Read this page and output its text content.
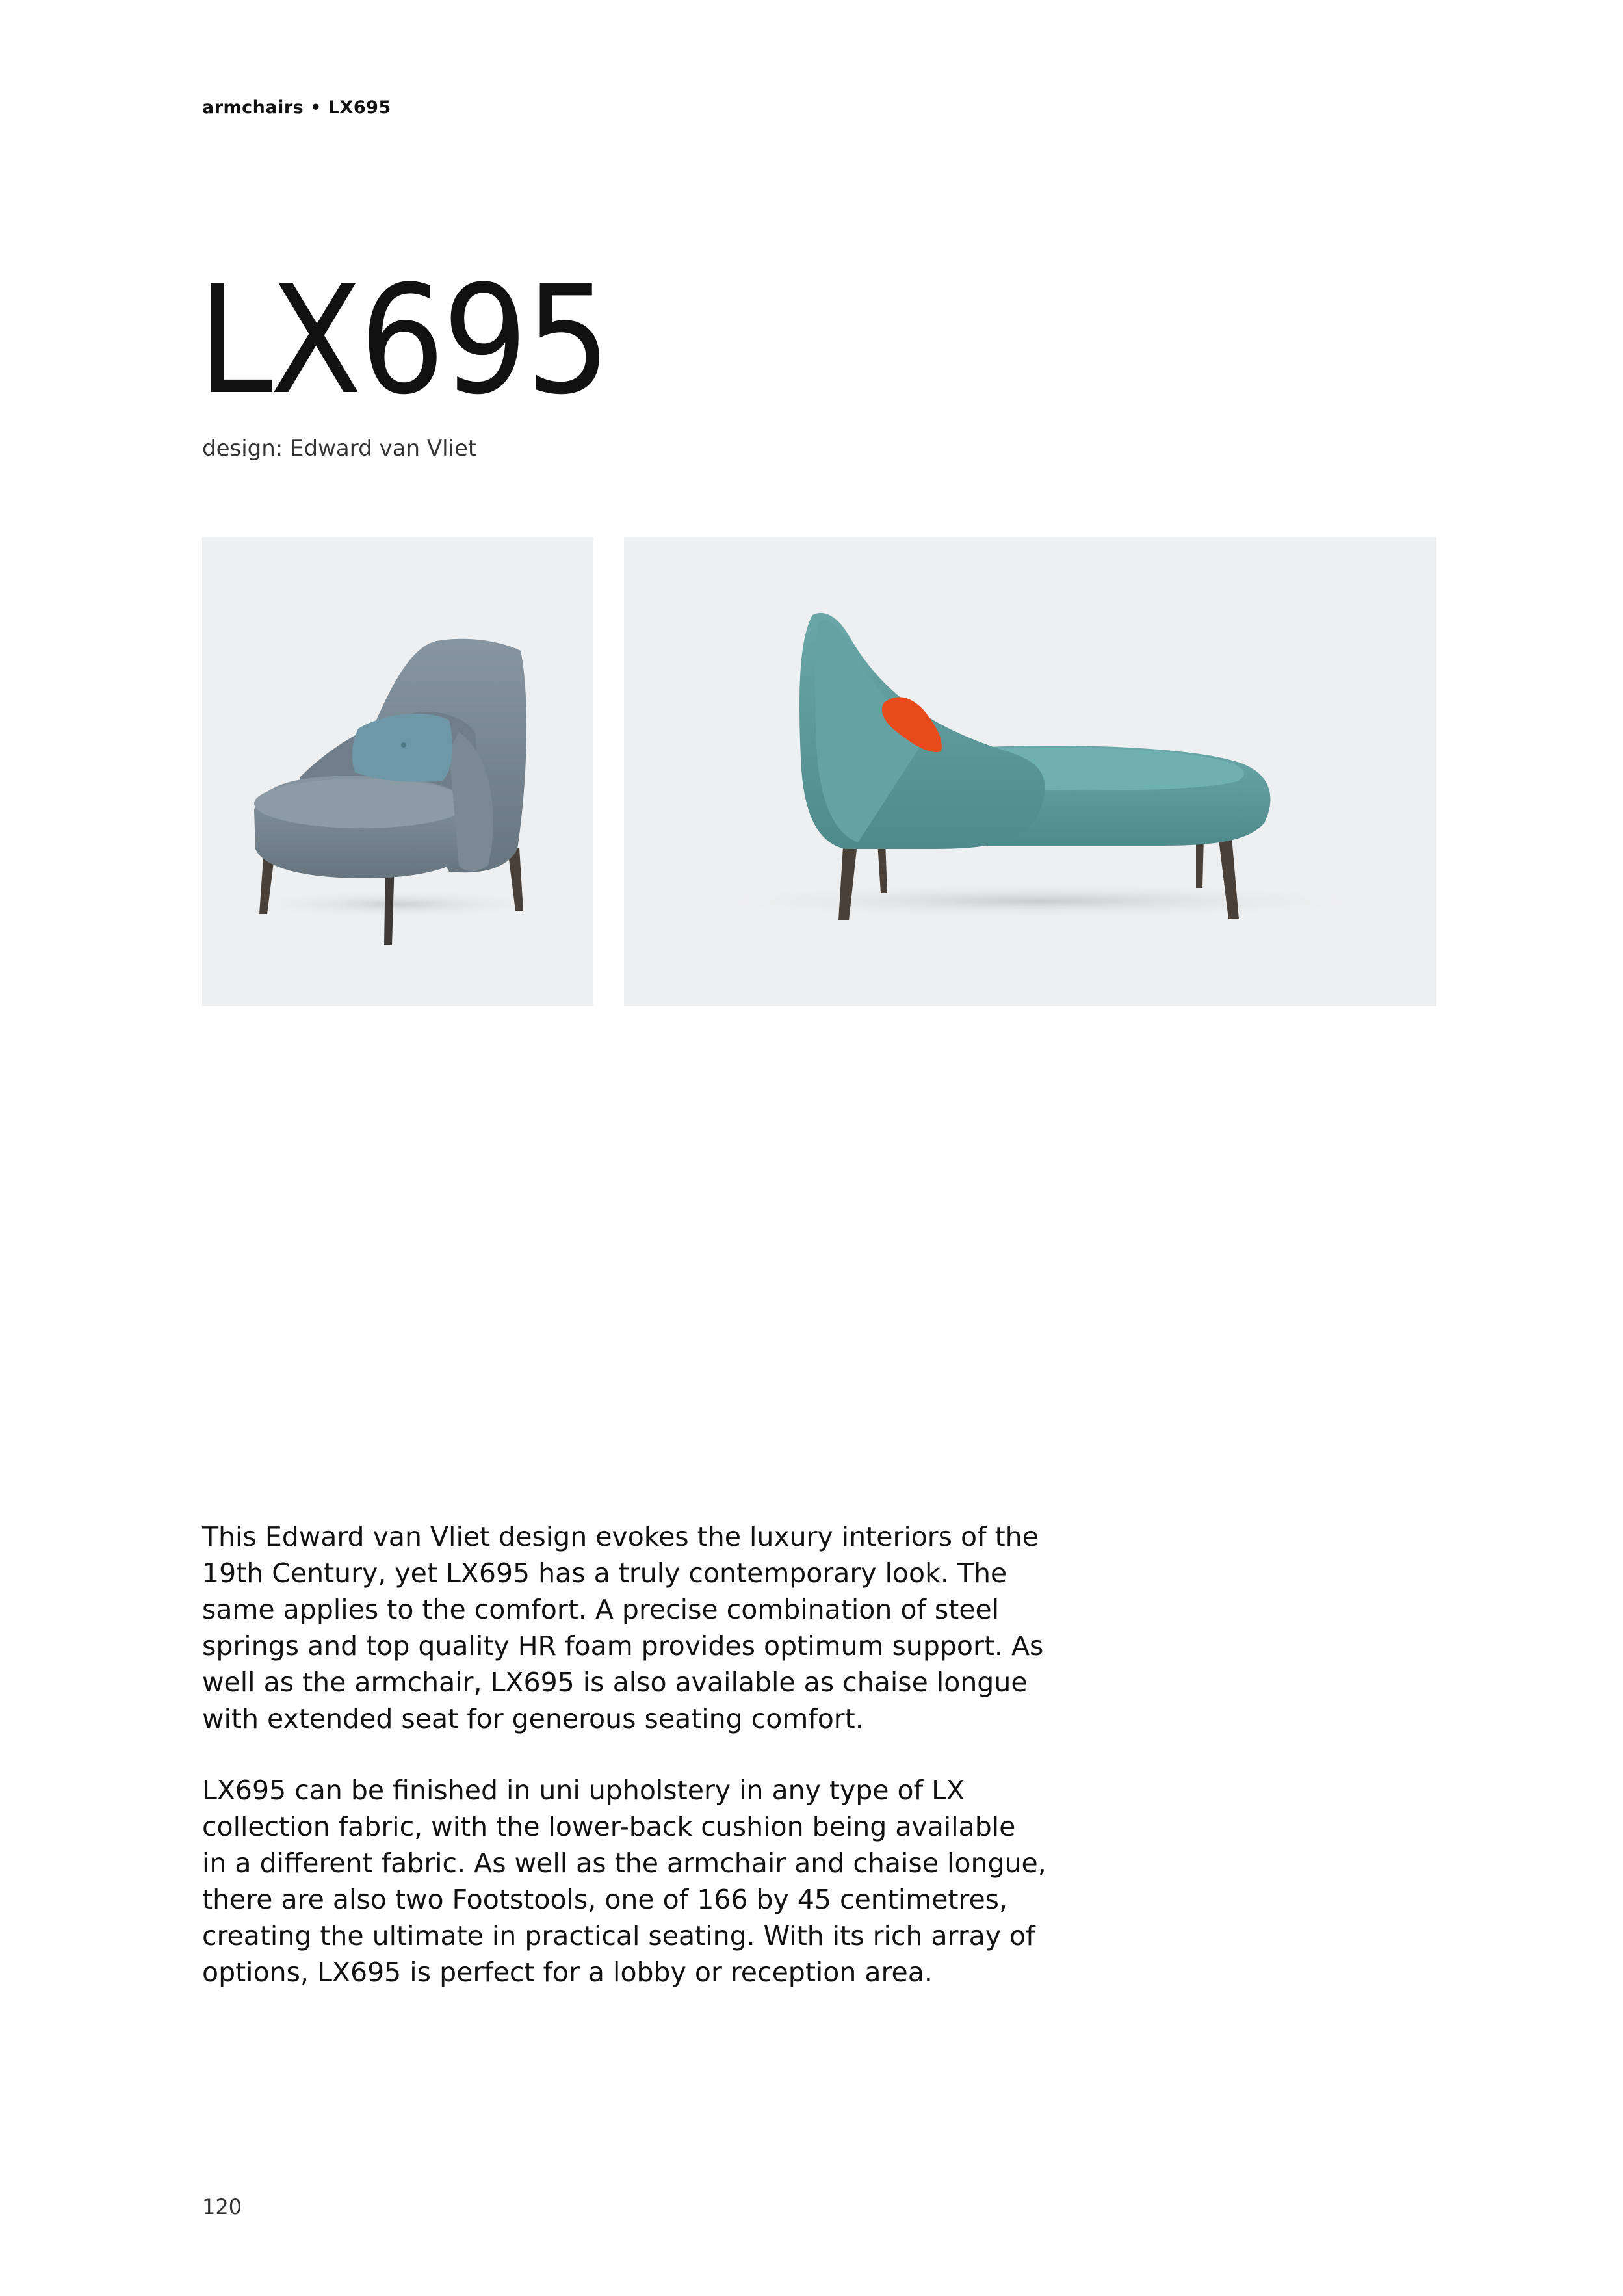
armchairs • LX695
LX695
design: Edward van Vliet

This Edward van Vliet design evokes the luxury interiors of the 19th Century, yet LX695 has a truly contemporary look. The same applies to the comfort. A precise combination of steel springs and top quality HR foam provides optimum support. As well as the armchair, LX695 is also available as chaise longue with extended seat for generous seating comfort.

LX695 can be finished in uni upholstery in any type of LX collection fabric, with the lower-back cushion being available in a different fabric. As well as the armchair and chaise longue, there are also two Footstools, one of 166 by 45 centimetres, creating the ultimate in practical seating. With its rich array of options, LX695 is perfect for a lobby or reception area.

120
